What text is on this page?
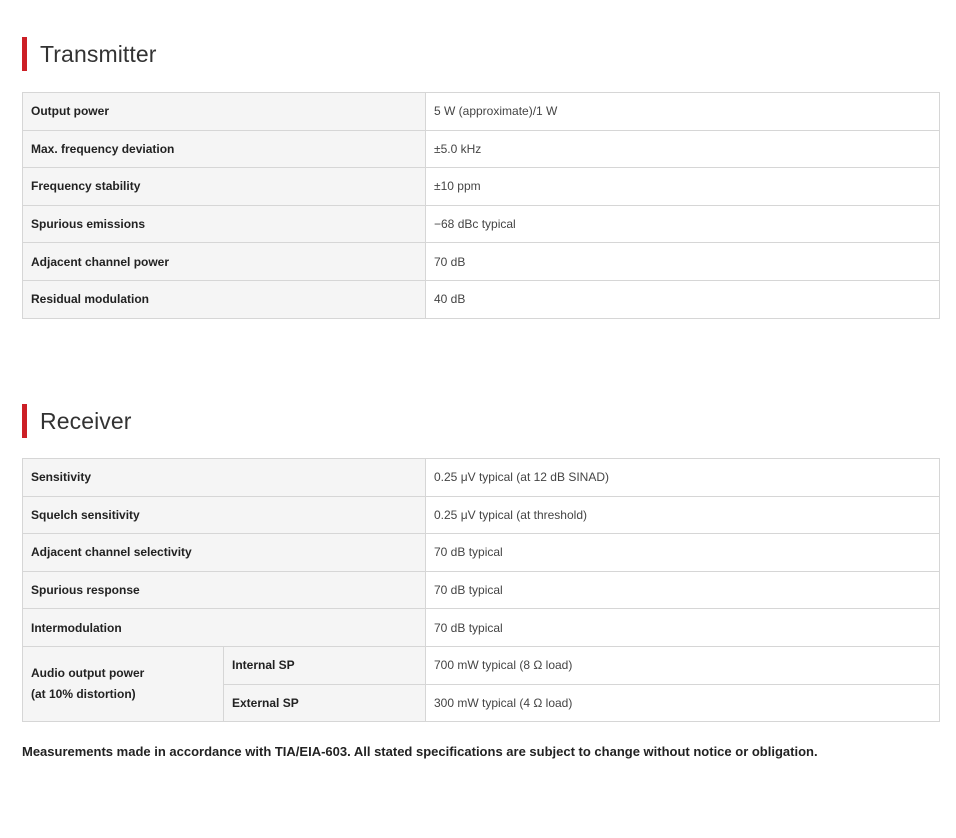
Transmitter
Output power	5 W (approximate)/1 W
Max. frequency deviation	±5.0 kHz
Frequency stability	±10 ppm
Spurious emissions	−68 dBc typical
Adjacent channel power	70 dB
Residual modulation	40 dB
Receiver
Sensitivity		0.25 μV typical (at 12 dB SINAD)
Squelch sensitivity		0.25 μV typical (at threshold)
Adjacent channel selectivity		70 dB typical
Spurious response		70 dB typical
Intermodulation		70 dB typical

Audio output power
(at 10% distortion)	Internal SP	700 mW typical (8 Ω load)
	External SP	300 mW typical (4 Ω load)
Measurements made in accordance with TIA/EIA-603. All stated specifications are subject to change without notice or obligation.
